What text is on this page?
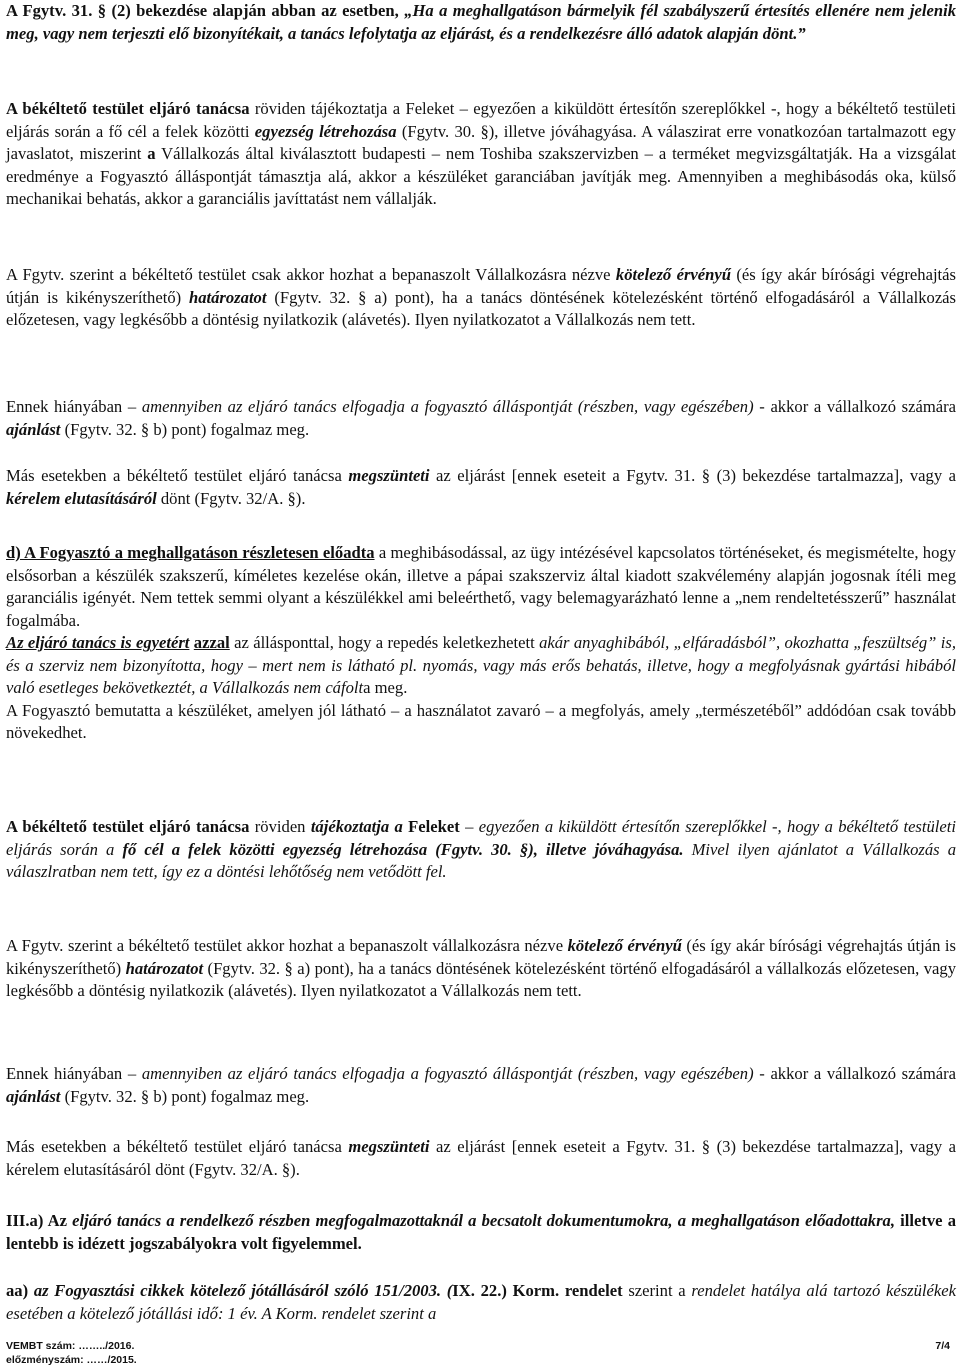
A Fgytv. 31. § (2) bekezdése alapján abban az esetben, „Ha a meghallgatáson bármelyik fél szabályszerű értesítés ellenére nem jelenik meg, vagy nem terjeszti elő bizonyítékait, a tanács lefolytatja az eljárást, és a rendelkezésre álló adatok alapján dönt.”

A békéltető testület eljáró tanácsa röviden tájékoztatja a Feleket – egyezően a kiküldött értesítőn szereplőkkel -, hogy a békéltető testületi eljárás során a fő cél a felek közötti egyezség létrehozása (Fgytv. 30. §), illetve jóváhagyása. A válaszirat erre vonatkozóan tartalmazott egy javaslatot, miszerint a Vállalkozás által kiválasztott budapesti – nem Toshiba szakszervizben – a terméket megvizsgáltatják. Ha a vizsgálat eredménye a Fogyasztó álláspontját támasztja alá, akkor a készüléket garanciában javítják meg. Amennyiben a meghibásodás oka, külső mechanikai behatás, akkor a garanciális javíttatást nem vállalják.

A Fgytv. szerint a békéltető testület csak akkor hozhat a bepanaszolt Vállalkozásra nézve kötelező érvényű (és így akár bírósági végrehajtás útján is kikényszeríthető) határozatot (Fgytv. 32. § a) pont), ha a tanács döntésének kötelezésként történő elfogadásáról a Vállalkozás előzetesen, vagy legkésőbb a döntésig nyilatkozik (alávetés). Ilyen nyilatkozatot a Vállalkozás nem tett.

Ennek hiányában – amennyiben az eljáró tanács elfogadja a fogyasztó álláspontját (részben, vagy egészében) - akkor a vállalkozó számára ajánlást (Fgytv. 32. § b) pont) fogalmaz meg.

Más esetekben a békéltető testület eljáró tanácsa megszünteti az eljárást [ennek eseteit a Fgytv. 31. § (3) bekezdése tartalmazza], vagy a kérelem elutasításáról dönt (Fgytv. 32/A. §).

d) A Fogyasztó a meghallgatáson részletesen előadta a meghibásodással, az ügy intézésével kapcsolatos történéseket, és megismételte, hogy elsősorban a készülék szakszerű, kíméletes kezelése okán, illetve a pápai szakszerviz által kiadott szakvélemény alapján jogosnak ítéli meg garanciális igényét. Nem tettek semmi olyant a készülékkel ami beleérthető, vagy belemagyarázható lenne a „nem rendeltetésszerű” használat fogalmába.
Az eljáró tanács is egyetért azzal az állásponttal, hogy a repedés keletkezhetett akár anyaghibából, „elfáradásból”, okozhatta „feszültség” is, és a szerviz nem bizonyította, hogy – mert nem is látható pl. nyomás, vagy más erős behatás, illetve, hogy a megfolyásnak gyártási hibából való esetleges bekövetkeztét, a Vállalkozás nem cáfolta meg.
A Fogyasztó bemutatta a készüléket, amelyen jól látható – a használatot zavaró – a megfolyás, amely „természetéből” addódóan csak tovább növekedhet.

A békéltető testület eljáró tanácsa röviden tájékoztatja a Feleket – egyezően a kiküldött értesítőn szereplőkkel -, hogy a békéltető testületi eljárás során a fő cél a felek közötti egyezség létrehozása (Fgytv. 30. §), illetve jóváhagyása. Mivel ilyen ajánlatot a Vállalkozás a válaszlratban nem tett, így ez a döntési lehőtőség nem vetődött fel.

A Fgytv. szerint a békéltető testület akkor hozhat a bepanaszolt vállalkozásra nézve kötelező érvényű (és így akár bírósági végrehajtás útján is kikényszeríthető) határozatot (Fgytv. 32. § a) pont), ha a tanács döntésének kötelezésként történő elfogadásáról a vállalkozás előzetesen, vagy legkésőbb a döntésig nyilatkozik (alávetés). Ilyen nyilatkozatot a Vállalkozás nem tett.

Ennek hiányában – amennyiben az eljáró tanács elfogadja a fogyasztó álláspontját (részben, vagy egészében) - akkor a vállalkozó számára ajánlást (Fgytv. 32. § b) pont) fogalmaz meg.

Más esetekben a békéltető testület eljáró tanácsa megszünteti az eljárást [ennek eseteit a Fgytv. 31. § (3) bekezdése tartalmazza], vagy a kérelem elutasításáról dönt (Fgytv. 32/A. §).

III.a) Az eljáró tanács a rendelkező részben megfogalmazottaknál a becsatolt dokumentumokra, a meghallgatáson előadottakra, illetve a lentebb is idézett jogszabályokra volt figyelemmel.

aa) az Fogyasztási cikkek kötelező jótállásáról szóló 151/2003. (IX. 22.) Korm. rendelet szerint a rendelet hatálya alá tartozó készülékek esetében a kötelező jótállási idő: 1 év. A Korm. rendelet szerint a

VEMBT szám: ……../2016.
előzményszám: ……/2015.
7/4
